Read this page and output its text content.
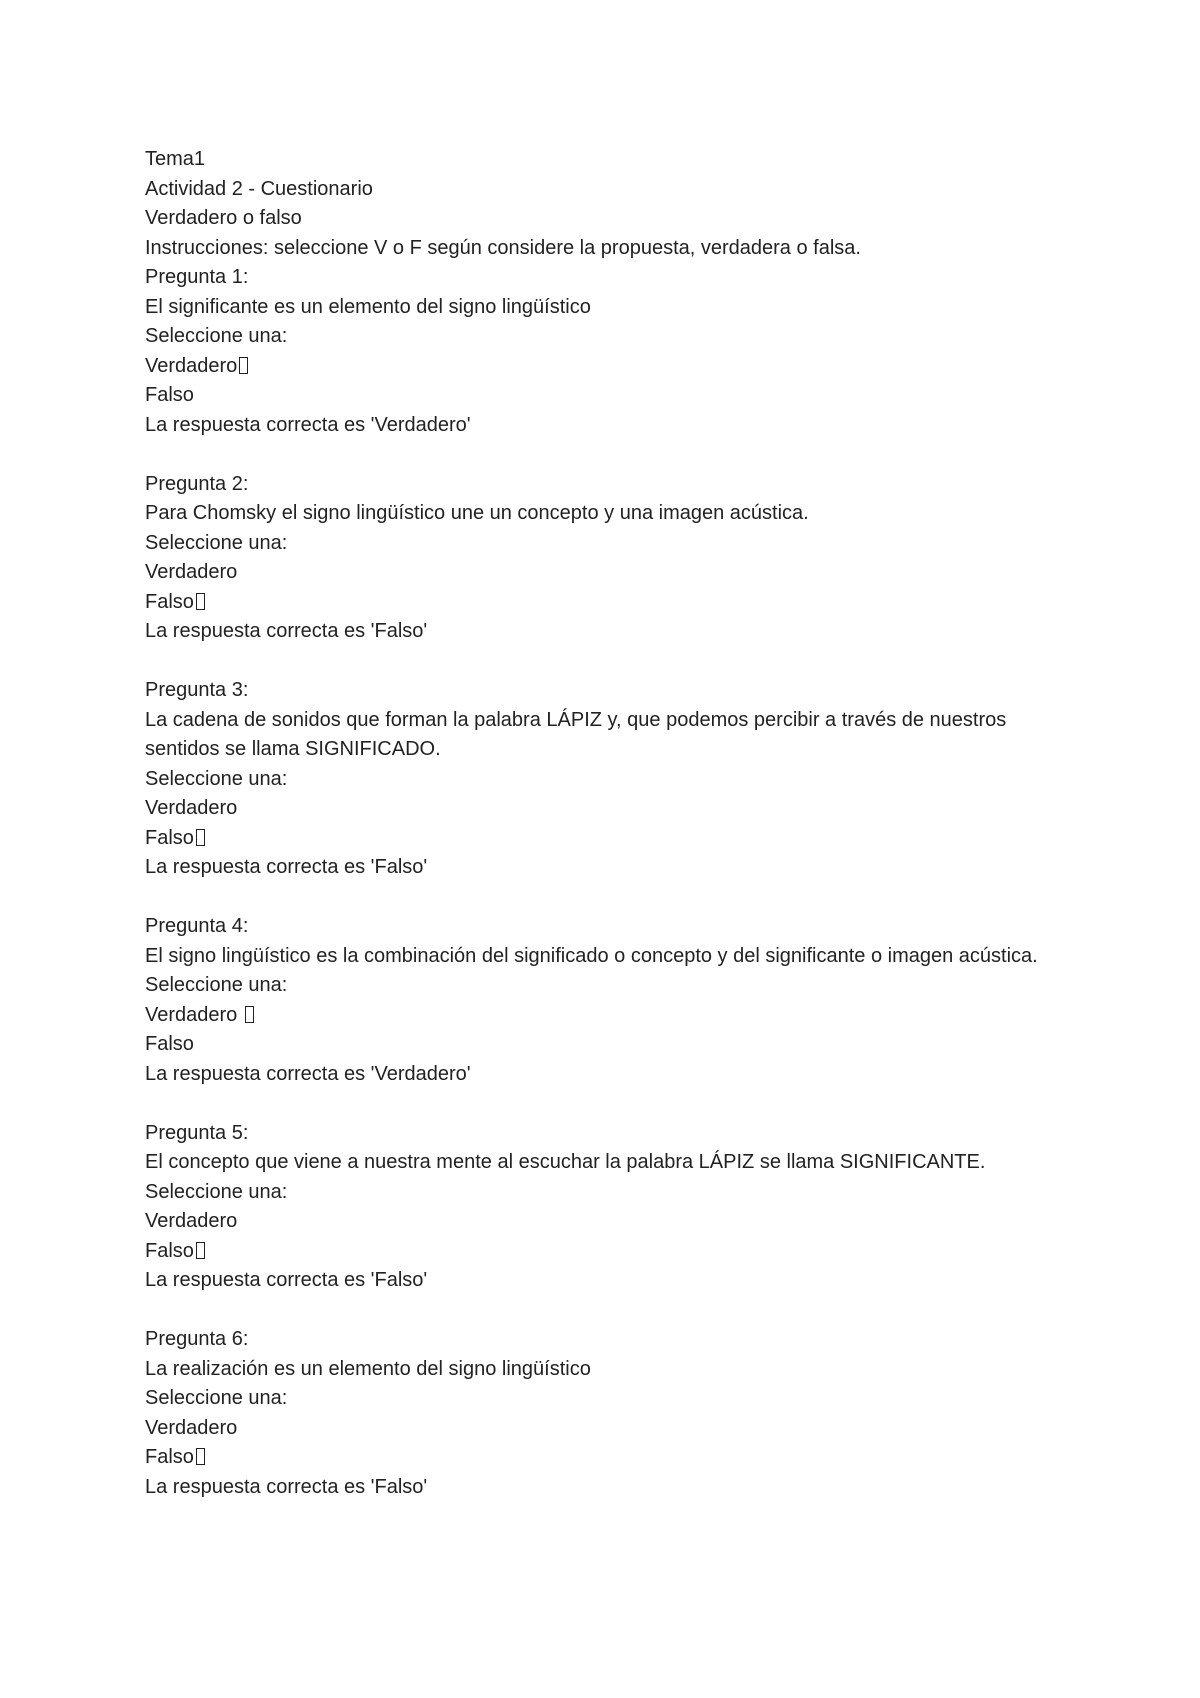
Tema1
Actividad 2 - Cuestionario
Verdadero o falso
Instrucciones: seleccione V o F según considere la propuesta, verdadera o falsa.
Pregunta 1:
El significante es un elemento del signo lingüístico
Seleccione una:
Verdadero
Falso
La respuesta correcta es 'Verdadero'
Pregunta 2:
Para Chomsky el signo lingüístico une un concepto y una imagen acústica.
Seleccione una:
Verdadero
Falso
La respuesta correcta es 'Falso'
Pregunta 3:
La cadena de sonidos que forman la palabra LÁPIZ y, que podemos percibir a través de nuestros sentidos se llama SIGNIFICADO.
Seleccione una:
Verdadero
Falso
La respuesta correcta es 'Falso'
Pregunta 4:
El signo lingüístico es la combinación del significado o concepto y del significante o imagen acústica.
Seleccione una:
Verdadero
Falso
La respuesta correcta es 'Verdadero'
Pregunta 5:
El concepto que viene a nuestra mente al escuchar la palabra LÁPIZ se llama SIGNIFICANTE.
Seleccione una:
Verdadero
Falso
La respuesta correcta es 'Falso'
Pregunta 6:
La realización es un elemento del signo lingüístico
Seleccione una:
Verdadero
Falso
La respuesta correcta es 'Falso'
